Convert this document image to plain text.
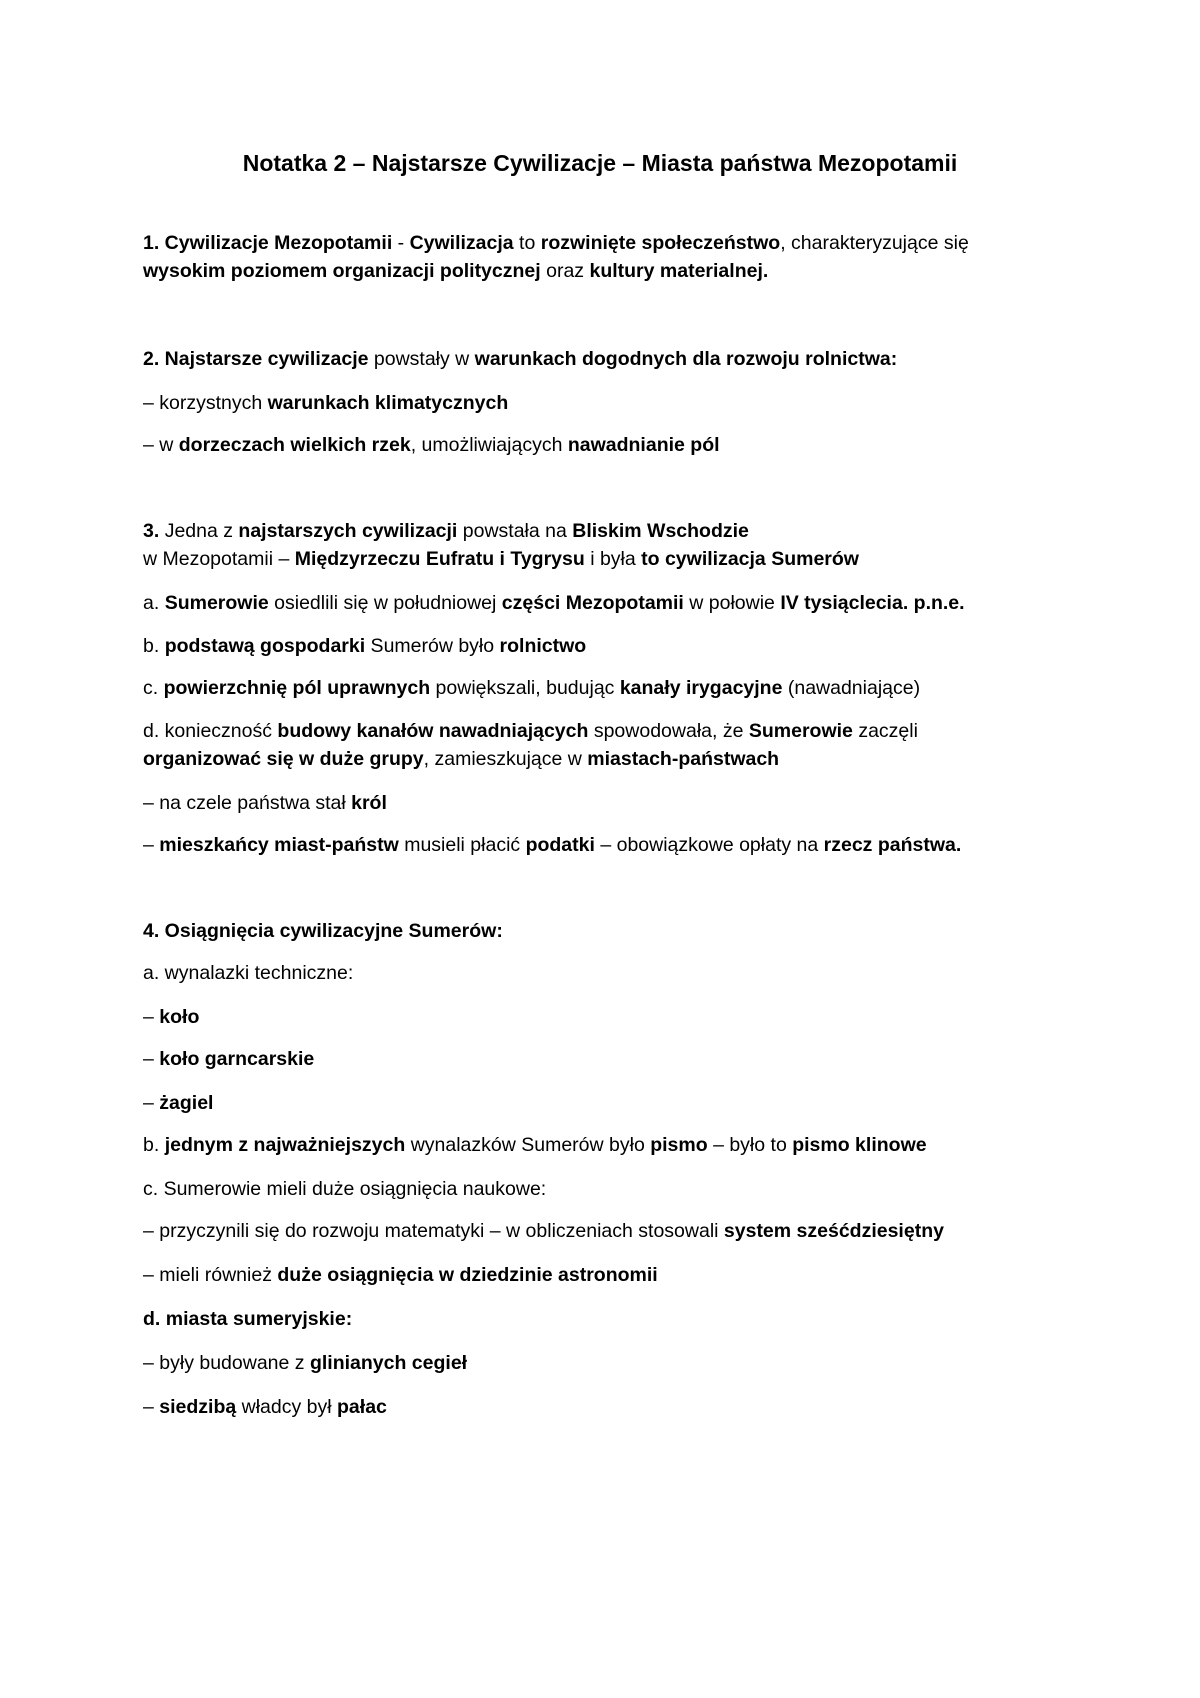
Notatka 2 – Najstarsze Cywilizacje – Miasta państwa Mezopotamii

1. Cywilizacje Mezopotamii - Cywilizacja to rozwinięte społeczeństwo, charakteryzujące się

wysokim poziomem organizacji politycznej oraz kultury materialnej.

2. Najstarsze cywilizacje powstały w warunkach dogodnych dla rozwoju rolnictwa:

– korzystnych warunkach klimatycznych

– w dorzeczach wielkich rzek, umożliwiających nawadnianie pól

3. Jedna z najstarszych cywilizacji powstała na Bliskim Wschodzie

w Mezopotamii – Międzyrzeczu Eufratu i Tygrysu i była to cywilizacja Sumerów

a. Sumerowie osiedlili się w południowej części Mezopotamii w połowie IV tysiąclecia. p.n.e.

b. podstawą gospodarki Sumerów było rolnictwo

c. powierzchnię pól uprawnych powiększali, budując kanały irygacyjne (nawadniające)

d. konieczność budowy kanałów nawadniających spowodowała, że Sumerowie zaczęli

organizować się w duże grupy, zamieszkujące w miastach-państwach

– na czele państwa stał król

– mieszkańcy miast-państw musieli płacić podatki – obowiązkowe opłaty na rzecz państwa.

4. Osiągnięcia cywilizacyjne Sumerów:

a. wynalazki techniczne:

– koło

– koło garncarskie

– żagiel

b. jednym z najważniejszych wynalazków Sumerów było pismo – było to pismo klinowe

c. Sumerowie mieli duże osiągnięcia naukowe:

– przyczynili się do rozwoju matematyki – w obliczeniach stosowali system sześćdziesiętny

– mieli również duże osiągnięcia w dziedzinie astronomii

d. miasta sumeryjskie:

– były budowane z glinianych cegieł

– siedzibą władcy był pałac
